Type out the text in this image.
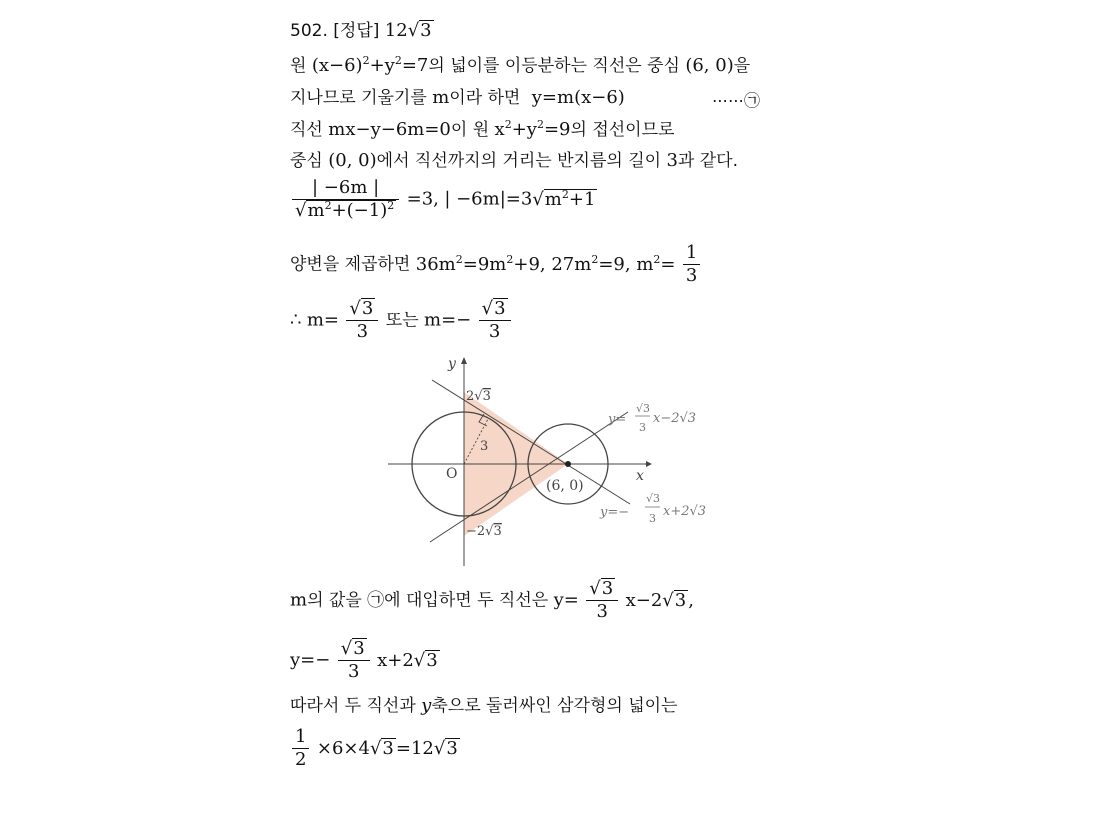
502. [정답] 12√3
원 $(x-6)^2+y^2=7$의 넓이를 이등분하는 직선은 중심 (6, 0)을
지나므로 기울기를 m이라 하면 y=m(x−6)	⋯⋯㉠
직선 mx−y−6m=0이 원 $x^2+y^2=9$의 접선이므로
중심 (0, 0)에서 직선까지의 거리는 반지름의 길이 3과 같다.
$\frac{| -6m |}{√m^2+(-1)^2} =3$, | $-6m|=3√m^2+1$
양변을 제곱하면 $36m^2=9m^2+9$, $27m^2=9$, $m^2= \frac{1}{3}$
∴ $m= \frac{√3}{3}$ 또는 $m=- \frac{√3}{3}$
y
x
O
2√3
−2√3
3
(6, 0)
y=
√3
3
x−2√3
y=−
√3
3 x+2√3
m의 값을 ㉠에 대입하면 두 직선은 $y= \frac{√3}{3} x-2√3$ ,
$y=- \frac{√3}{3} x+2√3$
따라서 두 직선과 y축으로 둘러싸인 삼각형의 넓이는
$\frac{1}{2} \times 6\times 4√3 =12√3$
